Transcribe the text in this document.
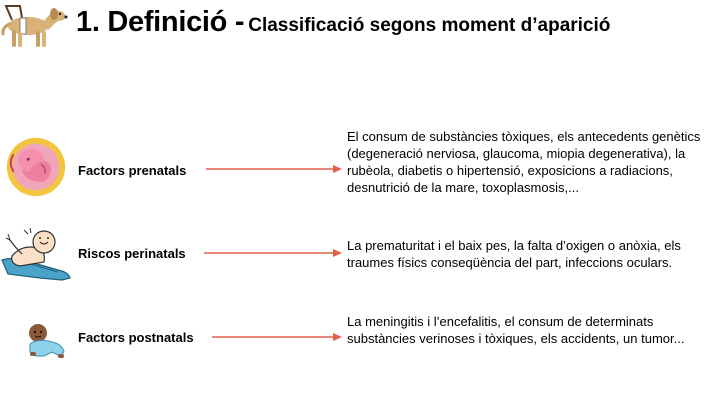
1. Definició - Classificació segons moment d’aparició
Factors prenatals
El consum de substàncies tòxiques, els antecedents genètics (degeneració nerviosa, glaucoma, miopia degenerativa), la rubèola, diabetis o hipertensió, exposicions a radiacions, desnutrició de la mare, toxoplasmosis,...
Riscos perinatals
La prematuritat i el baix pes, la falta d’oxigen o anòxia, els traumes físics conseqüència del part, infeccions oculars.
Factors postnatals
La meningitis i l’encefalitis, el consum de determinats substàncies verinoses i tòxiques, els accidents, un tumor...
